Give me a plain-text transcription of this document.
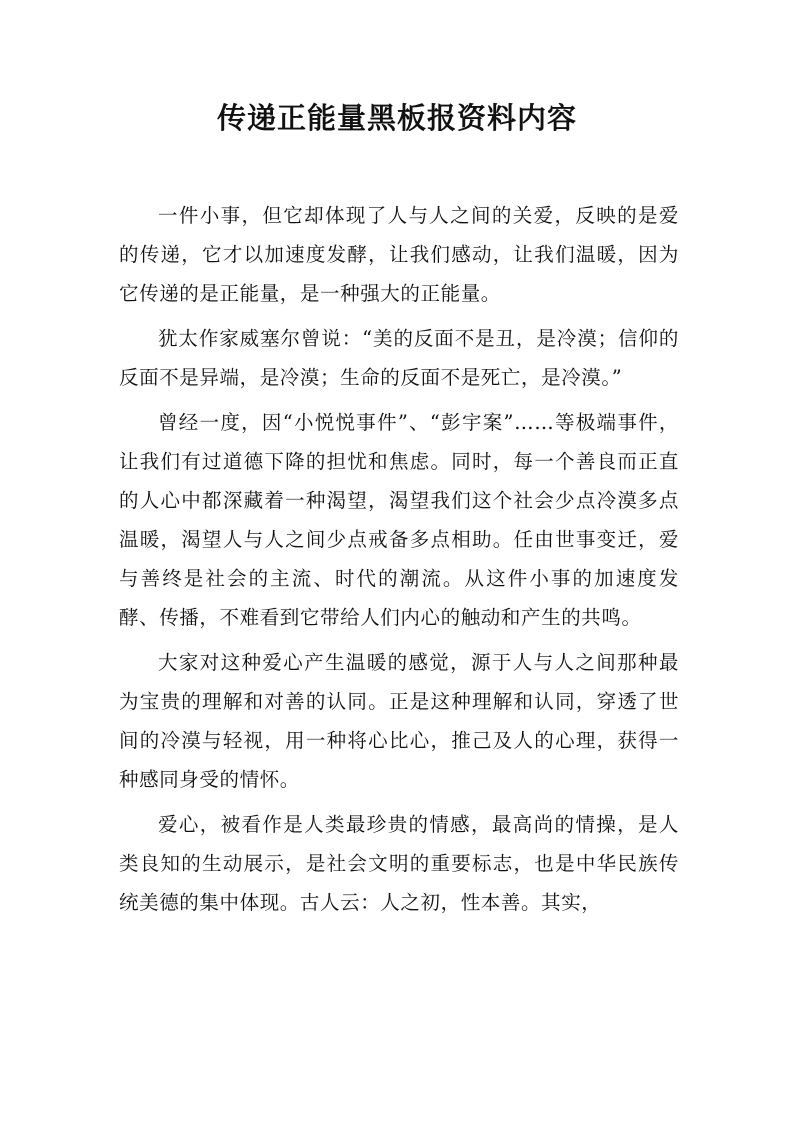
传递正能量黑板报资料内容

一件小事，但它却体现了人与人之间的关爱，反映的是爱的传递，它才以加速度发酵，让我们感动，让我们温暖，因为它传递的是正能量，是一种强大的正能量。

犹太作家威塞尔曾说：“美的反面不是丑，是冷漠；信仰的反面不是异端，是冷漠；生命的反面不是死亡，是冷漠。”

曾经一度，因“小悦悦事件”、“彭宇案”……等极端事件，让我们有过道德下降的担忧和焦虑。同时，每一个善良而正直的人心中都深藏着一种渴望，渴望我们这个社会少点冷漠多点温暖，渴望人与人之间少点戒备多点相助。任由世事变迁，爱与善终是社会的主流、时代的潮流。从这件小事的加速度发酵、传播，不难看到它带给人们内心的触动和产生的共鸣。

大家对这种爱心产生温暖的感觉，源于人与人之间那种最为宝贵的理解和对善的认同。正是这种理解和认同，穿透了世间的冷漠与轻视，用一种将心比心，推己及人的心理，获得一种感同身受的情怀。

爱心，被看作是人类最珍贵的情感，最高尚的情操，是人类良知的生动展示，是社会文明的重要标志，也是中华民族传统美德的集中体现。古人云：人之初，性本善。其实，
